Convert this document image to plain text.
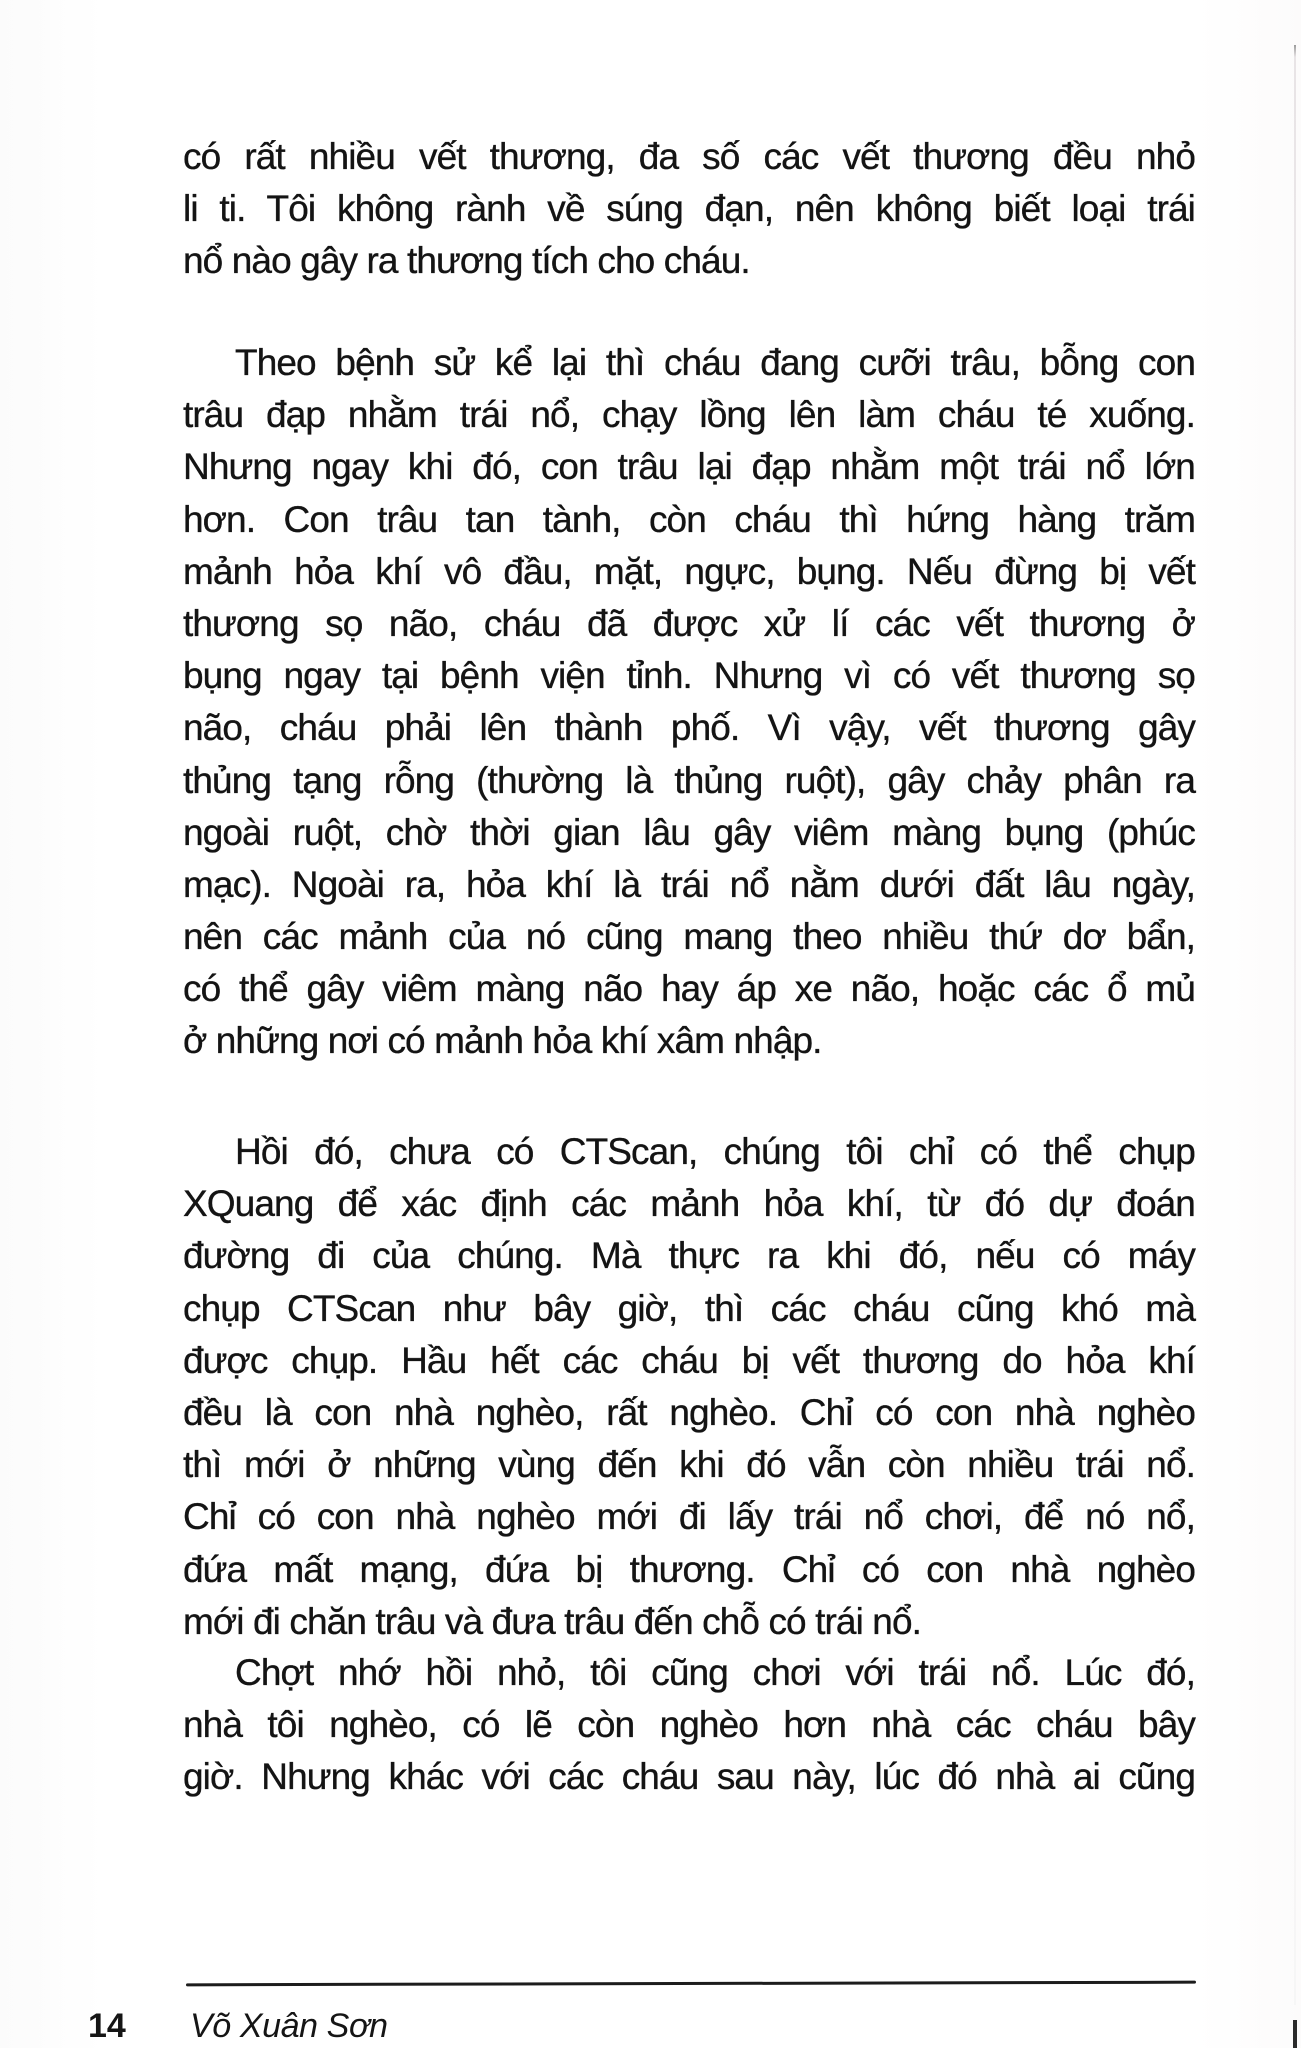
có rất nhiều vết thương, đa số các vết thương đều nhỏ
li ti. Tôi không rành về súng đạn, nên không biết loại trái
nổ nào gây ra thương tích cho cháu.
Theo bệnh sử kể lại thì cháu đang cưỡi trâu, bỗng con
trâu đạp nhằm trái nổ, chạy lồng lên làm cháu té xuống.
Nhưng ngay khi đó, con trâu lại đạp nhằm một trái nổ lớn
hơn. Con trâu tan tành, còn cháu thì hứng hàng trăm
mảnh hỏa khí vô đầu, mặt, ngực, bụng. Nếu đừng bị vết
thương sọ não, cháu đã được xử lí các vết thương ở
bụng ngay tại bệnh viện tỉnh. Nhưng vì có vết thương sọ
não, cháu phải lên thành phố. Vì vậy, vết thương gây
thủng tạng rỗng (thường là thủng ruột), gây chảy phân ra
ngoài ruột, chờ thời gian lâu gây viêm màng bụng (phúc
mạc). Ngoài ra, hỏa khí là trái nổ nằm dưới đất lâu ngày,
nên các mảnh của nó cũng mang theo nhiều thứ dơ bẩn,
có thể gây viêm màng não hay áp xe não, hoặc các ổ mủ
ở những nơi có mảnh hỏa khí xâm nhập.
Hồi đó, chưa có CTScan, chúng tôi chỉ có thể chụp
XQuang để xác định các mảnh hỏa khí, từ đó dự đoán
đường đi của chúng. Mà thực ra khi đó, nếu có máy
chụp CTScan như bây giờ, thì các cháu cũng khó mà
được chụp. Hầu hết các cháu bị vết thương do hỏa khí
đều là con nhà nghèo, rất nghèo. Chỉ có con nhà nghèo
thì mới ở những vùng đến khi đó vẫn còn nhiều trái nổ.
Chỉ có con nhà nghèo mới đi lấy trái nổ chơi, để nó nổ,
đứa mất mạng, đứa bị thương. Chỉ có con nhà nghèo
mới đi chăn trâu và đưa trâu đến chỗ có trái nổ.
Chợt nhớ hồi nhỏ, tôi cũng chơi với trái nổ. Lúc đó,
nhà tôi nghèo, có lẽ còn nghèo hơn nhà các cháu bây
giờ. Nhưng khác với các cháu sau này, lúc đó nhà ai cũng
14 Võ Xuân Sơn
